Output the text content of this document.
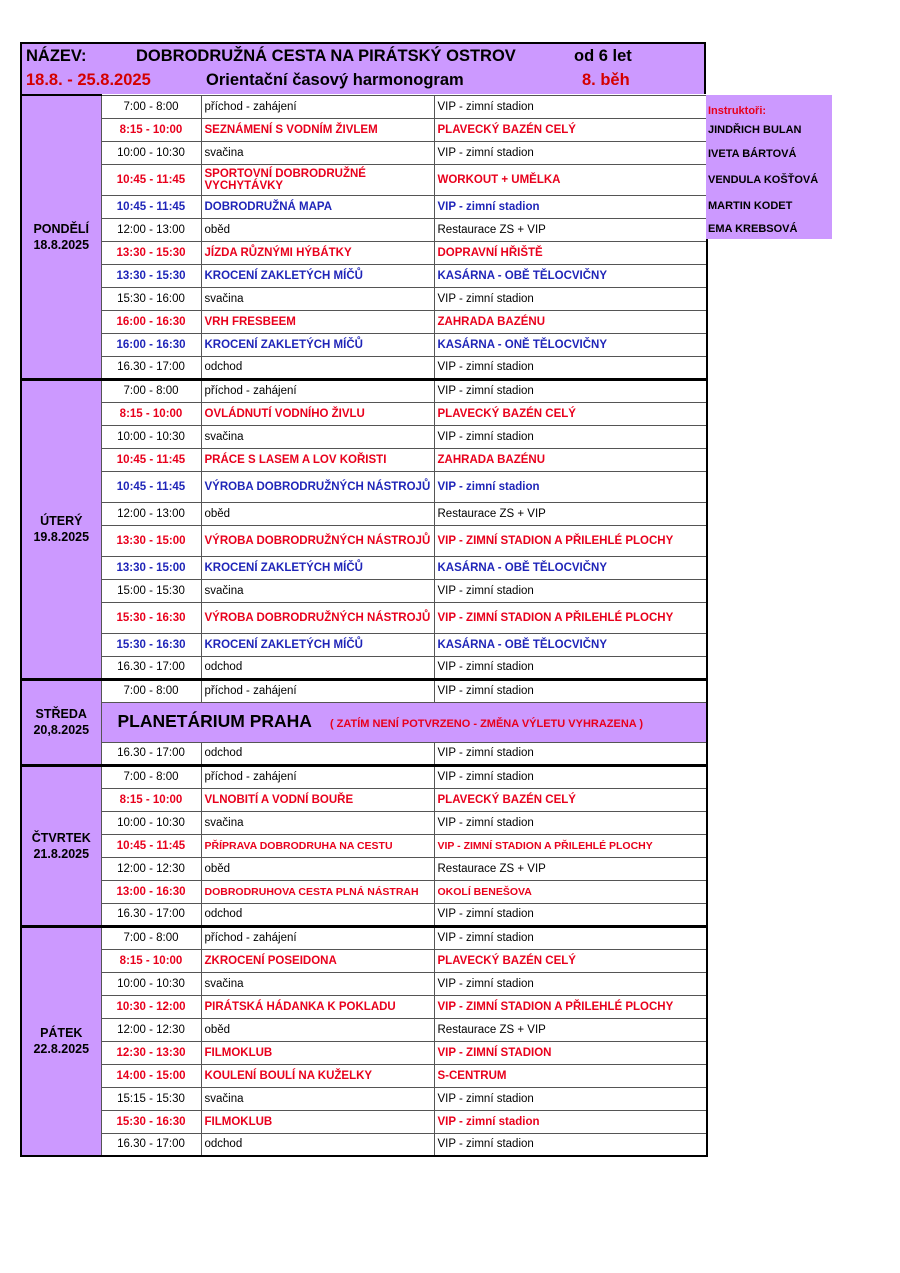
NÁZEV:	DOBRODRUŽNÁ CESTA NA PIRÁTSKÝ OSTROV	od 6 let
18.8. - 25.8.2025	Orientační časový harmonogram	8. běh
PONDĚLÍ
18.8.2025	7:00 - 8:00	příchod - zahájení	VIP - zimní stadion
	8:15 - 10:00	SEZNÁMENÍ S VODNÍM ŽIVLEM	PLAVECKÝ BAZÉN CELÝ
	10:00 - 10:30	svačina	VIP - zimní stadion
	10:45 - 11:45	SPORTOVNÍ DOBRODRUŽNÉ VYCHYTÁVKY	WORKOUT + UMĚLKA
	10:45 - 11:45	DOBRODRUŽNÁ MAPA	VIP - zimní stadion
	12:00 - 13:00	oběd	Restaurace ZS + VIP
	13:30 - 15:30	JÍZDA RŮZNÝMI HÝBÁTKY	DOPRAVNÍ HŘIŠTĚ
	13:30 - 15:30	KROCENÍ ZAKLETÝCH MÍČŮ	KASÁRNA - OBĚ TĚLOCVIČNY
	15:30 - 16:00	svačina	VIP - zimní stadion
	16:00 - 16:30	VRH FRESBEEM	ZAHRADA BAZÉNU
	16:00 - 16:30	KROCENÍ ZAKLETÝCH MÍČŮ	KASÁRNA - ONĚ TĚLOCVIČNY
	16.30 - 17:00	odchod	VIP - zimní stadion

ÚTERÝ
19.8.2025	7:00 - 8:00	příchod - zahájení	VIP - zimní stadion
	8:15 - 10:00	OVLÁDNUTÍ VODNÍHO ŽIVLU	PLAVECKÝ BAZÉN CELÝ
	10:00 - 10:30	svačina	VIP - zimní stadion
	10:45 - 11:45	PRÁCE S LASEM A LOV KOŘISTI	ZAHRADA BAZÉNU
	10:45 - 11:45	VÝROBA DOBRODRUŽNÝCH NÁSTROJŮ	VIP - zimní stadion
	12:00 - 13:00	oběd	Restaurace ZS + VIP
	13:30 - 15:00	VÝROBA DOBRODRUŽNÝCH NÁSTROJŮ	VIP - ZIMNÍ STADION A PŘILEHLÉ PLOCHY
	13:30 - 15:00	KROCENÍ ZAKLETÝCH MÍČŮ	KASÁRNA - OBĚ TĚLOCVIČNY
	15:00 - 15:30	svačina	VIP - zimní stadion
	15:30 - 16:30	VÝROBA DOBRODRUŽNÝCH NÁSTROJŮ	VIP - ZIMNÍ STADION A PŘILEHLÉ PLOCHY
	15:30 - 16:30	KROCENÍ ZAKLETÝCH MÍČŮ	KASÁRNA - OBĚ TĚLOCVIČNY
	16.30 - 17:00	odchod	VIP - zimní stadion

STŘEDA
20,8.2025	7:00 - 8:00	příchod - zahájení	VIP - zimní stadion
	PLANETÁRIUM PRAHA ( ZATÍM NENÍ POTVRZENO - ZMĚNA VÝLETU VYHRAZENA )		
	16.30 - 17:00	odchod	VIP - zimní stadion

ČTVRTEK
21.8.2025	7:00 - 8:00	příchod - zahájení	VIP - zimní stadion
	8:15 - 10:00	VLNOBITÍ A VODNÍ BOUŘE	PLAVECKÝ BAZÉN CELÝ
	10:00 - 10:30	svačina	VIP - zimní stadion
	10:45 - 11:45	PŘÍPRAVA DOBRODRUHA NA CESTU	VIP - ZIMNÍ STADION A PŘILEHLÉ PLOCHY
	12:00 - 12:30	oběd	Restaurace ZS + VIP
	13:00 - 16:30	DOBRODRUHOVA CESTA PLNÁ NÁSTRAH	OKOLÍ BENEŠOVA
	16.30 - 17:00	odchod	VIP - zimní stadion

PÁTEK
22.8.2025	7:00 - 8:00	příchod - zahájení	VIP - zimní stadion
	8:15 - 10:00	ZKROCENÍ POSEIDONA	PLAVECKÝ BAZÉN CELÝ
	10:00 - 10:30	svačina	VIP - zimní stadion
	10:30 - 12:00	PIRÁTSKÁ HÁDANKA K POKLADU	VIP - ZIMNÍ STADION A PŘILEHLÉ PLOCHY
	12:00 - 12:30	oběd	Restaurace ZS + VIP
	12:30 - 13:30	FILMOKLUB	VIP - ZIMNÍ STADION
	14:00 - 15:00	KOULENÍ BOULÍ NA KUŽELKY	S-CENTRUM
	15:15 - 15:30	svačina	VIP - zimní stadion
	15:30 - 16:30	FILMOKLUB	VIP - zimní stadion
	16.30 - 17:00	odchod	VIP - zimní stadion
Instruktoři:
JINDŘICH BULAN
IVETA BÁRTOVÁ
VENDULA KOŠŤOVÁ
MARTIN KODET
EMA KREBSOVÁ
